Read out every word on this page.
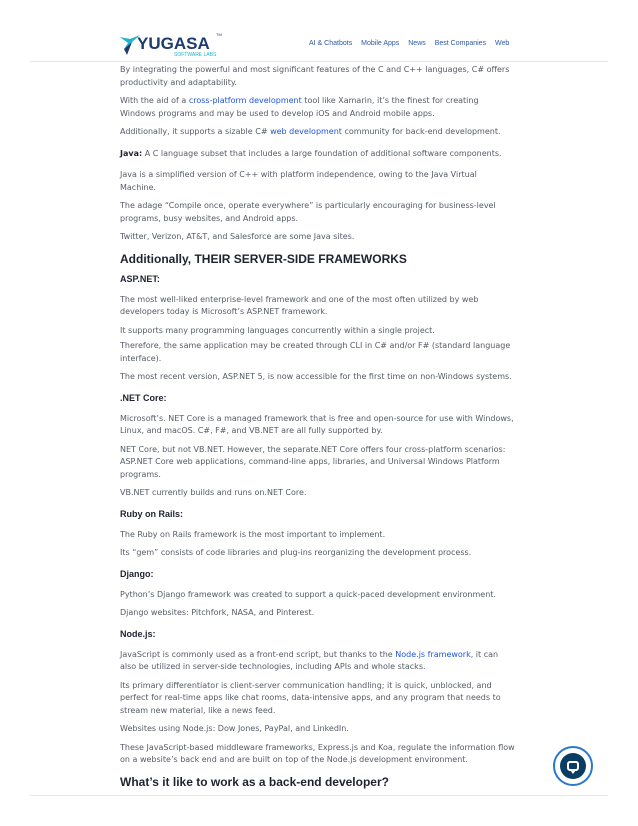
YUGASA TM
SOFTWARE LABS
AI & Chatbots Mobile Apps News Best Companies Web

By integrating the powerful and most significant features of the C and C++ languages, C# offers productivity and adaptability.

With the aid of a cross-platform development tool like Xamarin, it’s the finest for creating Windows programs and may be used to develop iOS and Android mobile apps.

Additionally, it supports a sizable C# web development community for back-end development.

Java: A C language subset that includes a large foundation of additional software components.

Java is a simplified version of C++ with platform independence, owing to the Java Virtual Machine.

The adage “Compile once, operate everywhere” is particularly encouraging for business-level programs, busy websites, and Android apps.

Twitter, Verizon, AT&T, and Salesforce are some Java sites.

Additionally, THEIR SERVER-SIDE FRAMEWORKS
ASP.NET:

The most well-liked enterprise-level framework and one of the most often utilized by web developers today is Microsoft’s ASP.NET framework.

It supports many programming languages concurrently within a single project.

Therefore, the same application may be created through CLI in C# and/or F# (standard language interface).

The most recent version, ASP.NET 5, is now accessible for the first time on non-Windows systems.

.NET Core:

Microsoft’s. NET Core is a managed framework that is free and open-source for use with Windows, Linux, and macOS. C#, F#, and VB.NET are all fully supported by.

NET Core, but not VB.NET. However, the separate.NET Core offers four cross-platform scenarios: ASP.NET Core web applications, command-line apps, libraries, and Universal Windows Platform programs.

VB.NET currently builds and runs on.NET Core.

Ruby on Rails:

The Ruby on Rails framework is the most important to implement.

Its “gem” consists of code libraries and plug-ins reorganizing the development process.

Django:

Python’s Django framework was created to support a quick-paced development environment.

Django websites: Pitchfork, NASA, and Pinterest.

Node.js:

JavaScript is commonly used as a front-end script, but thanks to the Node.js framework, it can also be utilized in server-side technologies, including APIs and whole stacks.

Its primary differentiator is client-server communication handling; it is quick, unblocked, and perfect for real-time apps like chat rooms, data-intensive apps, and any program that needs to stream new material, like a news feed.

Websites using Node.js: Dow Jones, PayPal, and LinkedIn.

These JavaScript-based middleware frameworks, Express.js and Koa, regulate the information flow on a website’s back end and are built on top of the Node.js development environment.

What’s it like to work as a back-end developer?
